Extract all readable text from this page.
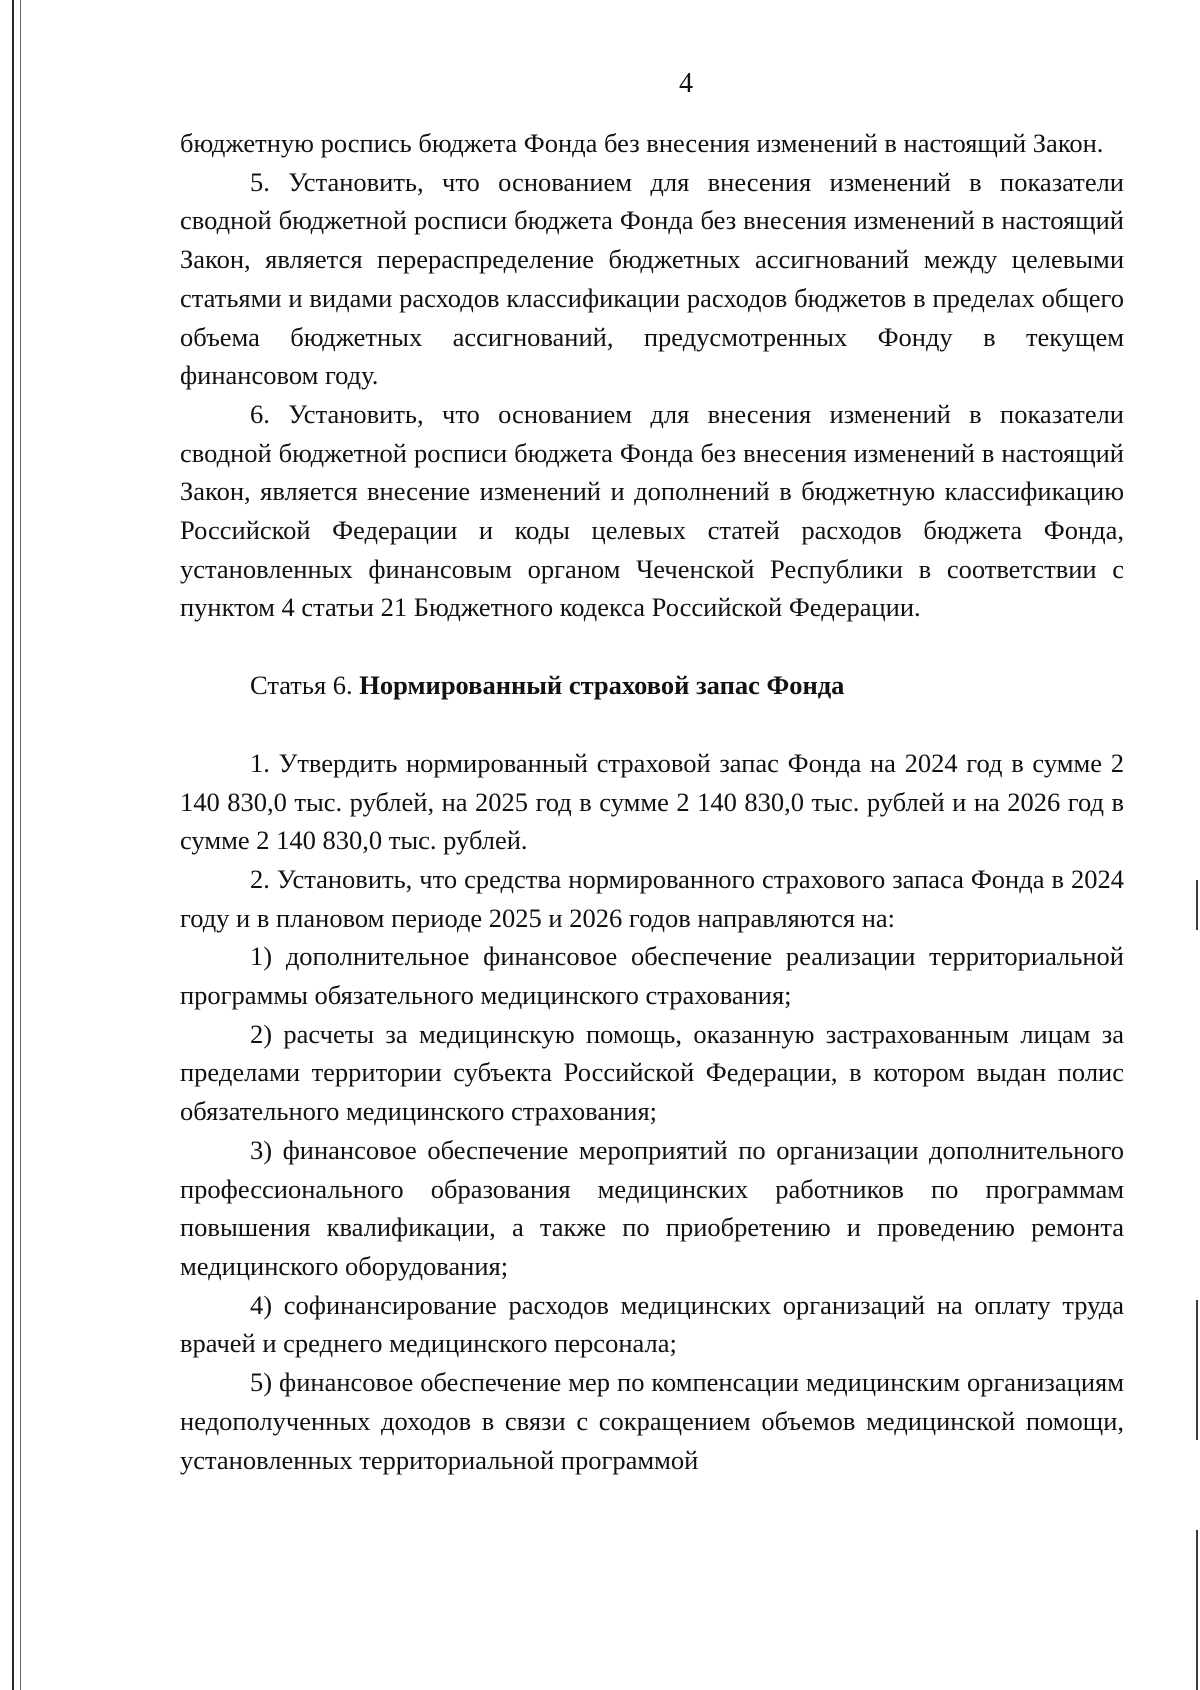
4

бюджетную роспись бюджета Фонда без внесения изменений в настоящий Закон.

5. Установить, что основанием для внесения изменений в показатели сводной бюджетной росписи бюджета Фонда без внесения изменений в настоящий Закон, является перераспределение бюджетных ассигнований между целевыми статьями и видами расходов классификации расходов бюджетов в пределах общего объема бюджетных ассигнований, предусмотренных Фонду в текущем финансовом году.

6. Установить, что основанием для внесения изменений в показатели сводной бюджетной росписи бюджета Фонда без внесения изменений в настоящий Закон, является внесение изменений и дополнений в бюджетную классификацию Российской Федерации и коды целевых статей расходов бюджета Фонда, установленных финансовым органом Чеченской Республики в соответствии с пунктом 4 статьи 21 Бюджетного кодекса Российской Федерации.

Статья 6. Нормированный страховой запас Фонда

1. Утвердить нормированный страховой запас Фонда на 2024 год в сумме 2 140 830,0 тыс. рублей, на 2025 год в сумме 2 140 830,0 тыс. рублей и на 2026 год в сумме 2 140 830,0 тыс. рублей.

2. Установить, что средства нормированного страхового запаса Фонда в 2024 году и в плановом периоде 2025 и 2026 годов направляются на:

1) дополнительное финансовое обеспечение реализации территориальной программы обязательного медицинского страхования;

2) расчеты за медицинскую помощь, оказанную застрахованным лицам за пределами территории субъекта Российской Федерации, в котором выдан полис обязательного медицинского страхования;

3) финансовое обеспечение мероприятий по организации дополнительного профессионального образования медицинских работников по программам повышения квалификации, а также по приобретению и проведению ремонта медицинского оборудования;

4) софинансирование расходов медицинских организаций на оплату труда врачей и среднего медицинского персонала;

5) финансовое обеспечение мер по компенсации медицинским организациям недополученных доходов в связи с сокращением объемов медицинской помощи, установленных территориальной программой
